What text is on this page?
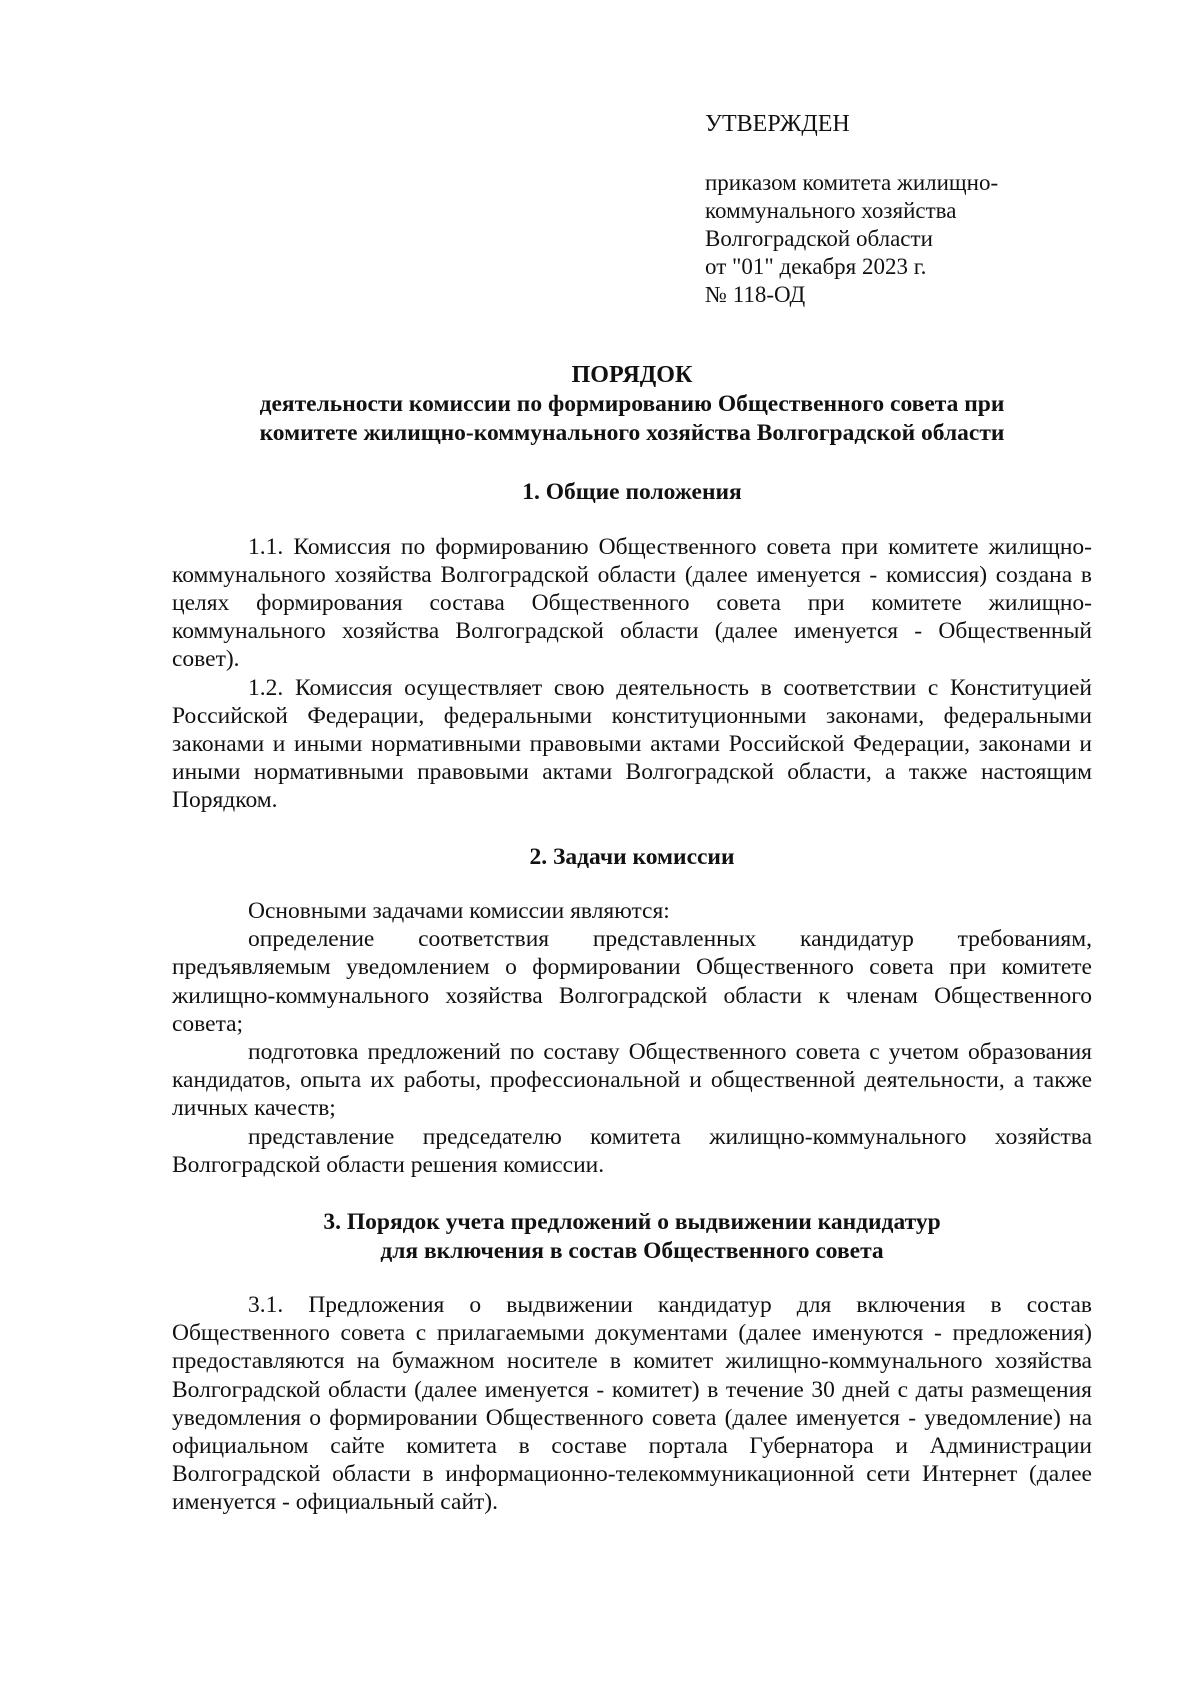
УТВЕРЖДЕН
приказом комитета жилищно-
коммунального хозяйства
Волгоградской области
от "01" декабря 2023 г.
№ 118-ОД
ПОРЯДОК
деятельности комиссии по формированию Общественного совета при
комитете жилищно-коммунального хозяйства Волгоградской области
1. Общие положения

1.1. Комиссия по формированию Общественного совета при комитете жилищно-коммунального хозяйства Волгоградской области (далее именуется - комиссия) создана в целях формирования состава Общественного совета при комитете жилищно-коммунального хозяйства Волгоградской области (далее именуется - Общественный совет).

1.2. Комиссия осуществляет свою деятельность в соответствии с Конституцией Российской Федерации, федеральными конституционными законами, федеральными законами и иными нормативными правовыми актами Российской Федерации, законами и иными нормативными правовыми актами Волгоградской области, а также настоящим Порядком.

2. Задачи комиссии

Основными задачами комиссии являются:

определение соответствия представленных кандидатур требованиям, предъявляемым уведомлением о формировании Общественного совета при комитете жилищно-коммунального хозяйства Волгоградской области к членам Общественного совета;

подготовка предложений по составу Общественного совета с учетом образования кандидатов, опыта их работы, профессиональной и общественной деятельности, а также личных качеств;

представление председателю комитета жилищно-коммунального хозяйства Волгоградской области решения комиссии.

3. Порядок учета предложений о выдвижении кандидатур
для включения в состав Общественного совета

3.1. Предложения о выдвижении кандидатур для включения в состав Общественного совета с прилагаемыми документами (далее именуются - предложения) предоставляются на бумажном носителе в комитет жилищно-коммунального хозяйства Волгоградской области (далее именуется - комитет) в течение 30 дней с даты размещения уведомления о формировании Общественного совета (далее именуется - уведомление) на официальном сайте комитета в составе портала Губернатора и Администрации Волгоградской области в информационно-телекоммуникационной сети Интернет (далее именуется - официальный сайт).
